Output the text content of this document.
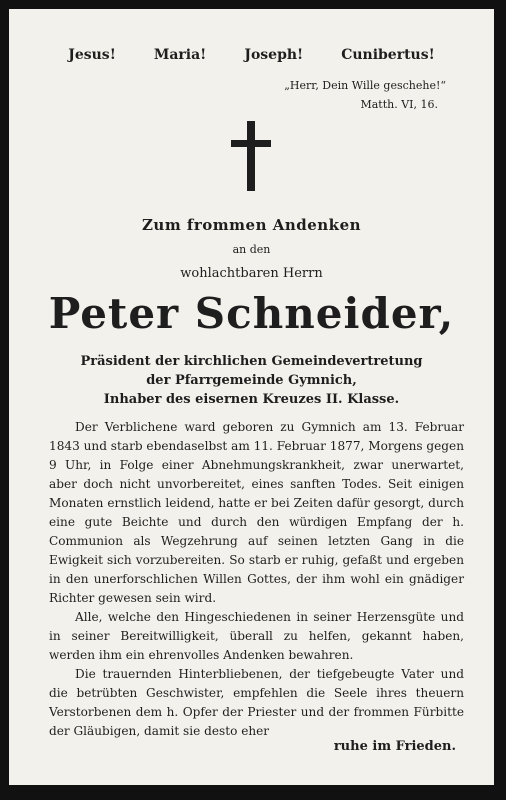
Jesus!	Maria!	Joseph!	Cunibertus!
„Herr, Dein Wille geschehe!“
Matth. VI, 16.
Zum frommen Andenken
an den
wohlachtbaren Herrn
Peter Schneider,
Präsident der kirchlichen Gemeindevertretung
der Pfarrgemeinde Gymnich,
Inhaber des eisernen Kreuzes II. Klasse.

Der Verblichene ward geboren zu Gymnich am 13. Februar 1843 und starb ebendaselbst am 11. Februar 1877, Morgens gegen 9 Uhr, in Folge einer Abnehmungskrankheit, zwar unerwartet, aber doch nicht unvorbereitet, eines sanften Todes. Seit einigen Monaten ernstlich leidend, hatte er bei Zeiten dafür gesorgt, durch eine gute Beichte und durch den würdigen Empfang der h. Communion als Wegzehrung auf seinen letzten Gang in die Ewigkeit sich vorzubereiten. So starb er ruhig, gefaßt und ergeben in den unerforschlichen Willen Gottes, der ihm wohl ein gnädiger Richter gewesen sein wird.

Alle, welche den Hingeschiedenen in seiner Herzensgüte und in seiner Bereitwilligkeit, überall zu helfen, gekannt haben, werden ihm ein ehrenvolles Andenken bewahren.

Die trauernden Hinterbliebenen, der tiefgebeugte Vater und die betrübten Geschwister, empfehlen die Seele ihres theuern Verstorbenen dem h. Opfer der Priester und der frommen Fürbitte der Gläubigen, damit sie desto eher

ruhe im Frieden.
